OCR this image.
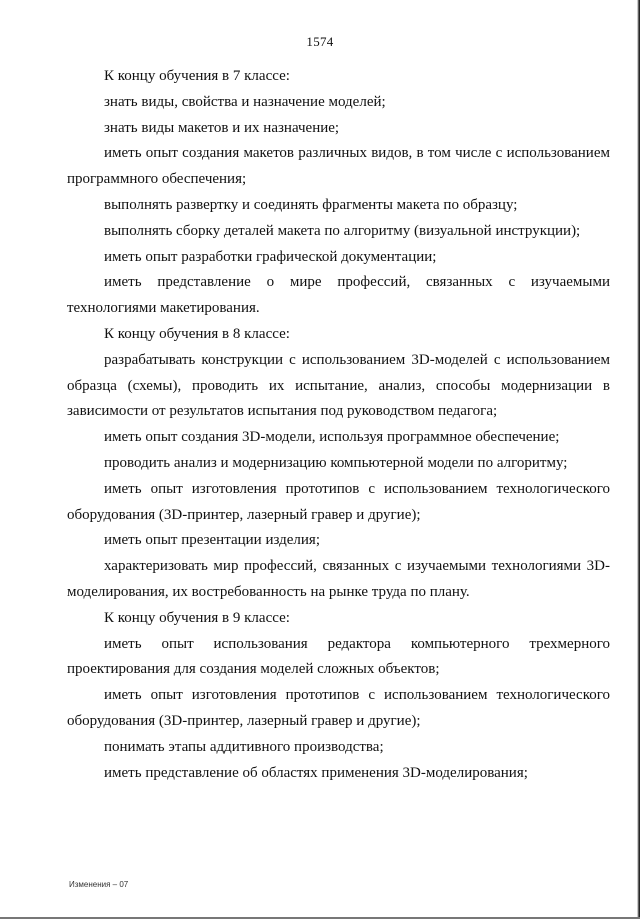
1574

К концу обучения в 7 классе:

знать виды, свойства и назначение моделей;

знать виды макетов и их назначение;

иметь опыт создания макетов различных видов, в том числе с использованием программного обеспечения;

выполнять развертку и соединять фрагменты макета по образцу;

выполнять сборку деталей макета по алгоритму (визуальной инструкции);

иметь опыт разработки графической документации;

иметь представление о мире профессий, связанных с изучаемыми технологиями макетирования.

К концу обучения в 8 классе:

разрабатывать конструкции с использованием 3D-моделей с использованием образца (схемы), проводить их испытание, анализ, способы модернизации в зависимости от результатов испытания под руководством педагога;

иметь опыт создания 3D-модели, используя программное обеспечение;

проводить анализ и модернизацию компьютерной модели по алгоритму;

иметь опыт изготовления прототипов с использованием технологического оборудования (3D-принтер, лазерный гравер и другие);

иметь опыт презентации изделия;

характеризовать мир профессий, связанных с изучаемыми технологиями 3D-моделирования, их востребованность на рынке труда по плану.

К концу обучения в 9 классе:

иметь опыт использования редактора компьютерного трехмерного проектирования для создания моделей сложных объектов;

иметь опыт изготовления прототипов с использованием технологического оборудования (3D-принтер, лазерный гравер и другие);

понимать этапы аддитивного производства;

иметь представление об областях применения 3D-моделирования;

Изменения – 07
